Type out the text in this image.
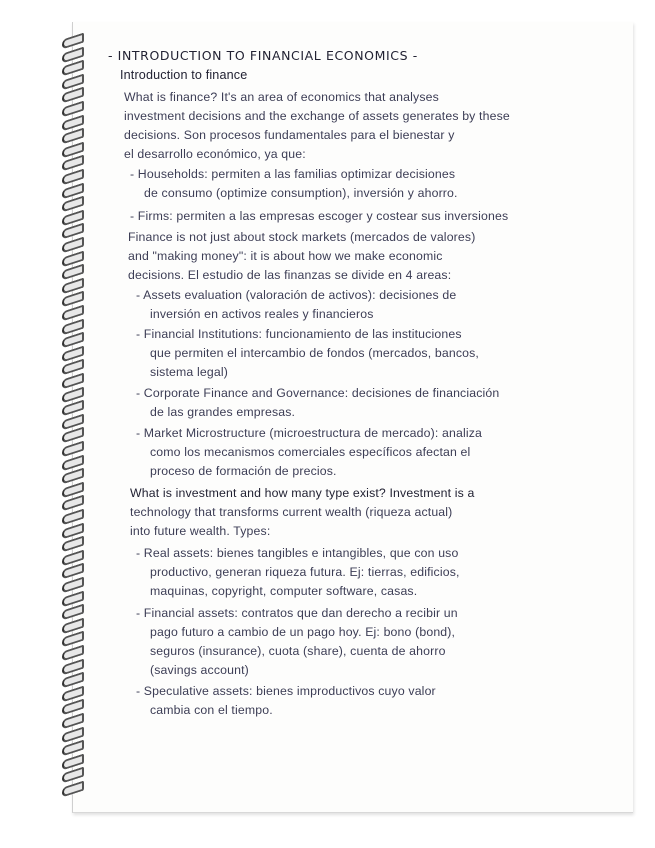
- INTRODUCTION TO FINANCIAL ECONOMICS -
Introduction to finance
What is finance? It's an area of economics that analyses
investment decisions and the exchange of assets generates by these
decisions. Son procesos fundamentales para el bienestar y
el desarrollo económico, ya que:
- Households: permiten a las familias optimizar decisiones
de consumo (optimize consumption), inversión y ahorro.
- Firms: permiten a las empresas escoger y costear sus inversiones
Finance is not just about stock markets (mercados de valores)
and "making money": it is about how we make economic
decisions. El estudio de las finanzas se divide en 4 areas:
- Assets evaluation (valoración de activos): decisiones de
inversión en activos reales y financieros
- Financial Institutions: funcionamiento de las instituciones
que permiten el intercambio de fondos (mercados, bancos,
sistema legal)
- Corporate Finance and Governance: decisiones de financiación
de las grandes empresas.
- Market Microstructure (microestructura de mercado): analiza
como los mecanismos comerciales específicos afectan el
proceso de formación de precios.
What is investment and how many type exist? Investment is a
technology that transforms current wealth (riqueza actual)
into future wealth. Types:
- Real assets: bienes tangibles e intangibles, que con uso
productivo, generan riqueza futura. Ej: tierras, edificios,
maquinas, copyright, computer software, casas.
- Financial assets: contratos que dan derecho a recibir un
pago futuro a cambio de un pago hoy. Ej: bono (bond),
seguros (insurance), cuota (share), cuenta de ahorro
(savings account)
- Speculative assets: bienes improductivos cuyo valor
cambia con el tiempo.
